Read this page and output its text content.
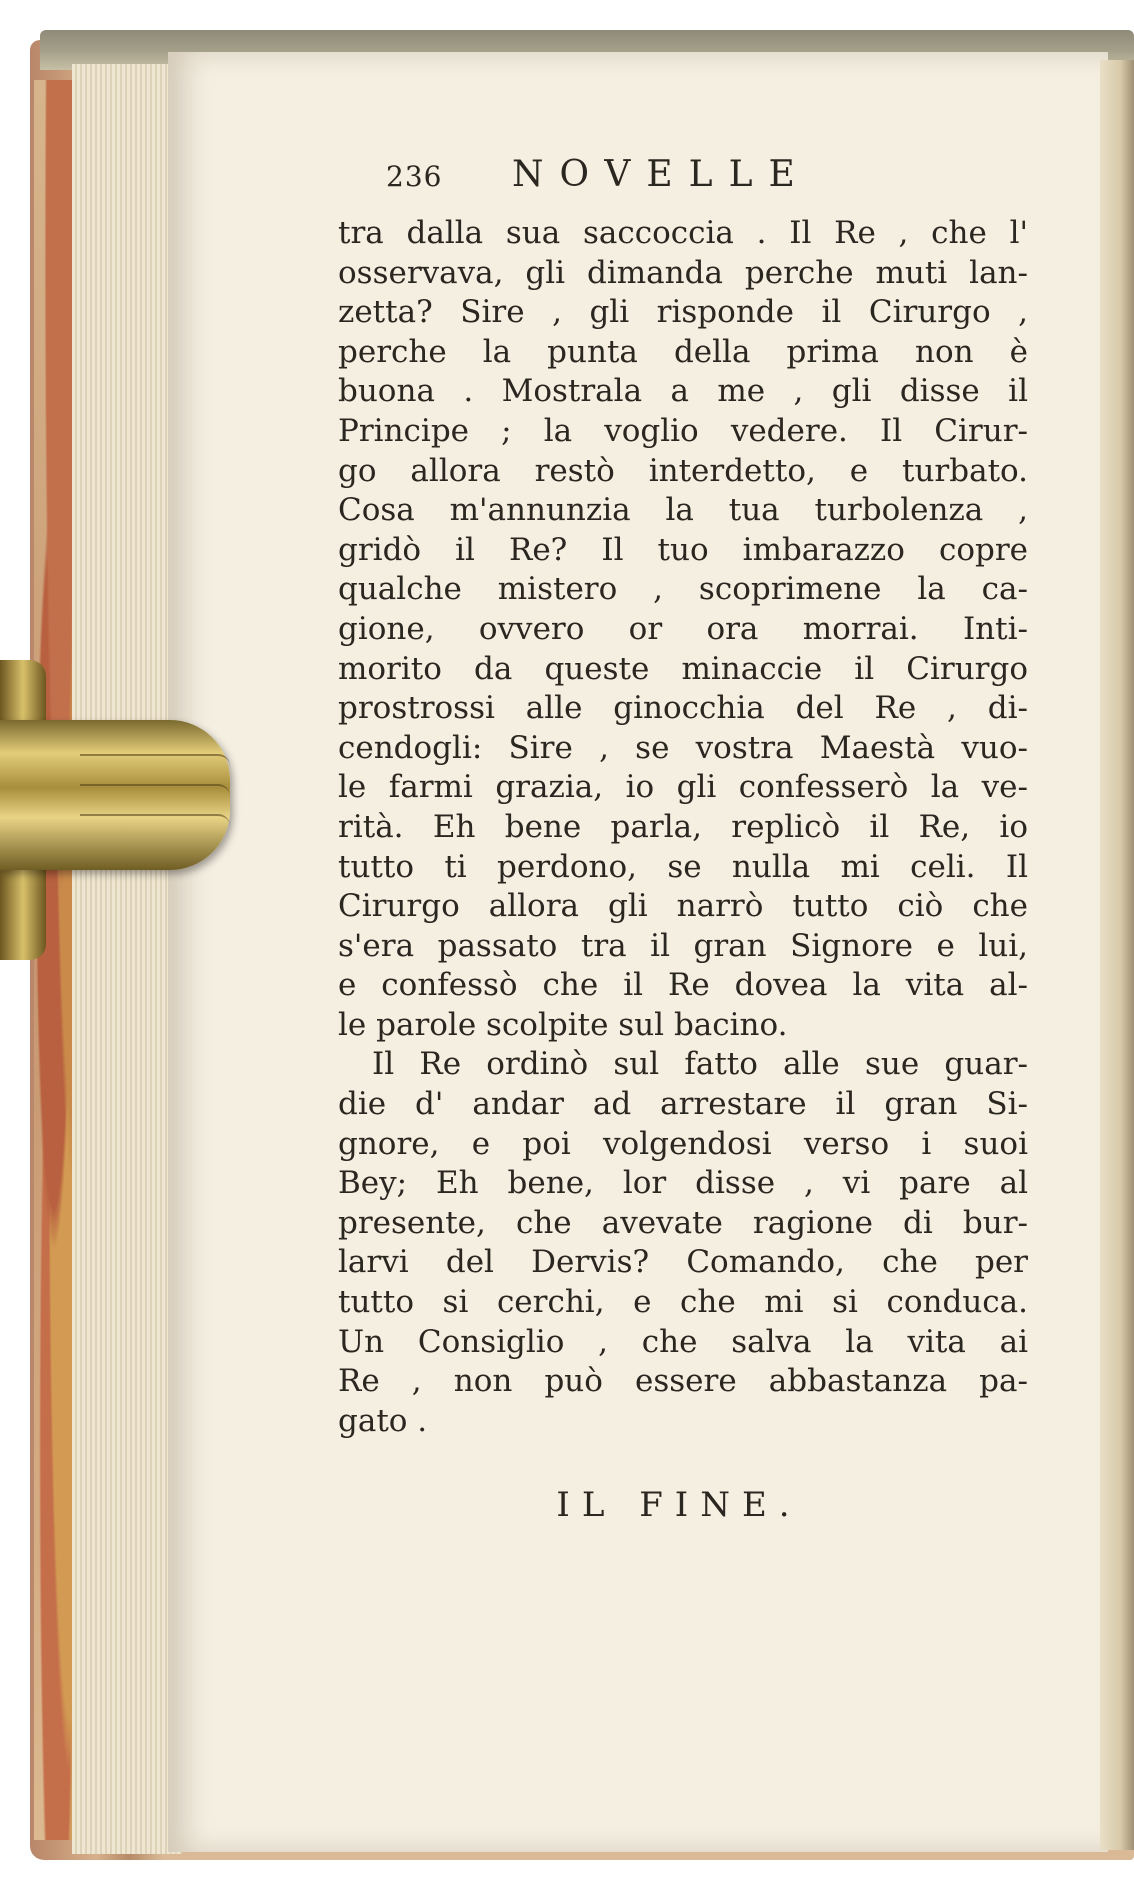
236 NOVELLE
tra dalla sua saccoccia . Il Re , che l'
osservava, gli dimanda perche muti lan-
zetta? Sire , gli risponde il Cirurgo ,
perche la punta della prima non è
buona . Mostrala a me , gli disse il
Principe ; la voglio vedere. Il Cirur-
go allora restò interdetto, e turbato.
Cosa m'annunzia la tua turbolenza ,
gridò il Re? Il tuo imbarazzo copre
qualche mistero , scoprimene la ca-
gione, ovvero or ora morrai. Inti-
morito da queste minaccie il Cirurgo
prostrossi alle ginocchia del Re , di-
cendogli: Sire , se vostra Maestà vuo-
le farmi grazia, io gli confesserò la ve-
rità. Eh bene parla, replicò il Re, io
tutto ti perdono, se nulla mi celi. Il
Cirurgo allora gli narrò tutto ciò che
s'era passato tra il gran Signore e lui,
e confessò che il Re dovea la vita al-
le parole scolpite sul bacino.
Il Re ordinò sul fatto alle sue guar-
die d' andar ad arrestare il gran Si-
gnore, e poi volgendosi verso i suoi
Bey; Eh bene, lor disse , vi pare al
presente, che avevate ragione di bur-
larvi del Dervis? Comando, che per
tutto si cerchi, e che mi si conduca.
Un Consiglio , che salva la vita ai
Re , non può essere abbastanza pa-
gato .
IL FINE.
